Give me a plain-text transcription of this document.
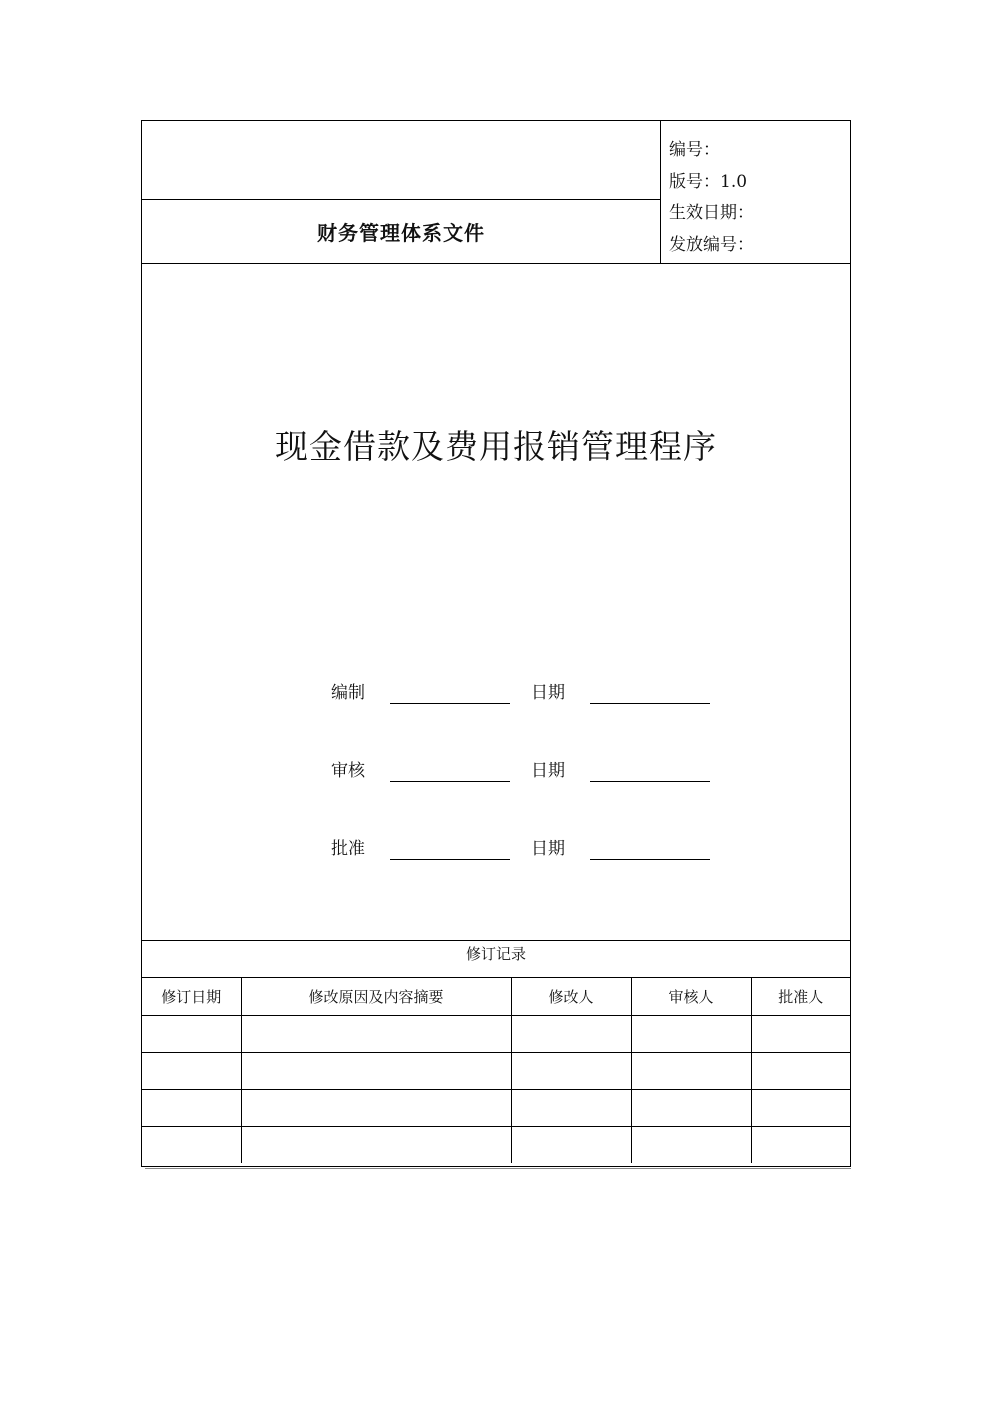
财务管理体系文件
编号：
版号：1.0
生效日期：
发放编号：
现金借款及费用报销管理程序
编制	日期
审核	日期
批准	日期
修订记录
修订日期	修改原因及内容摘要	修改人	审核人	批准人
